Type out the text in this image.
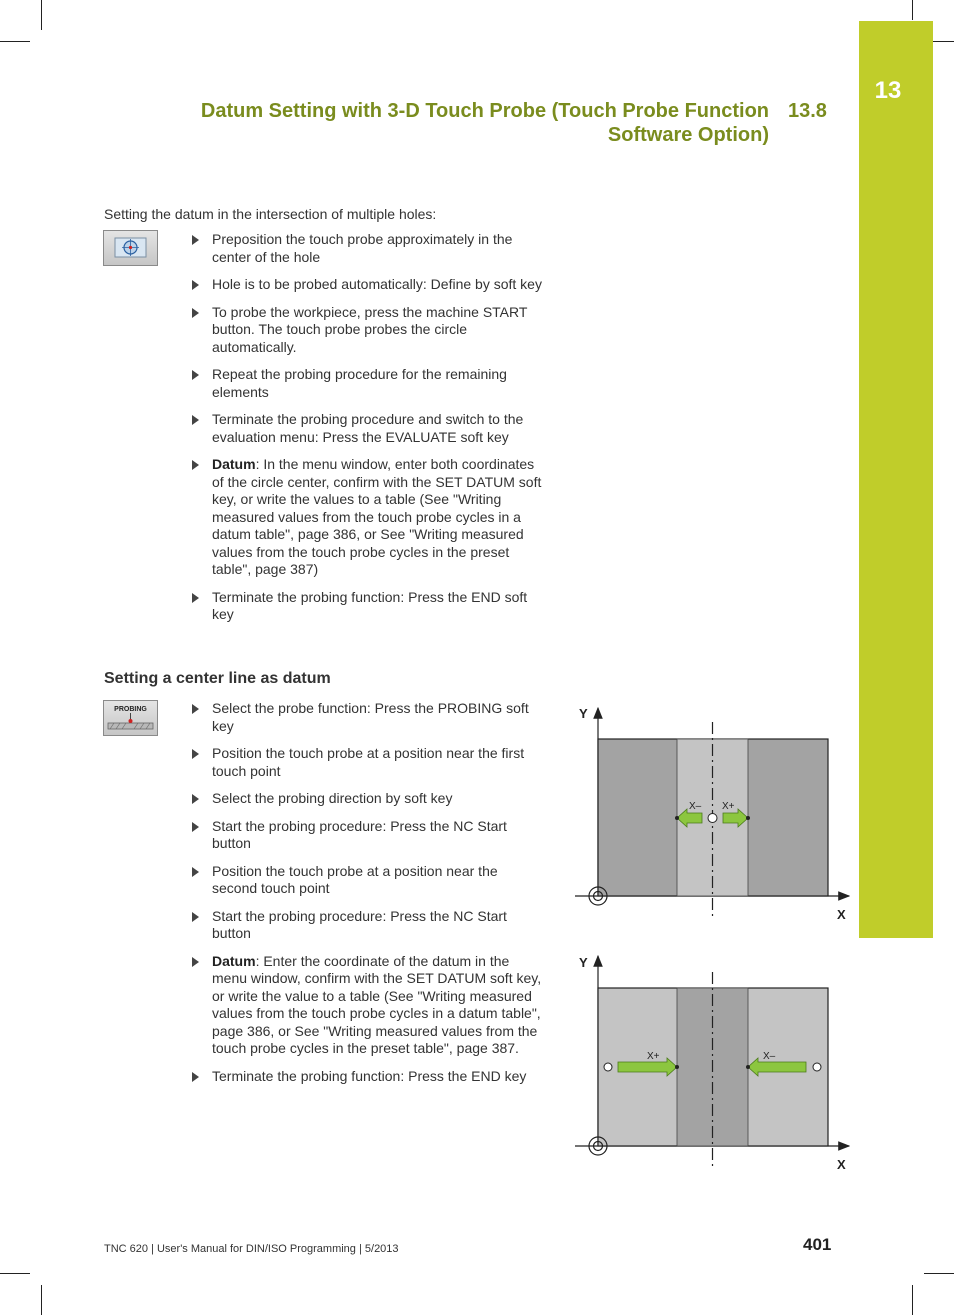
13
Datum Setting with 3-D Touch Probe (Touch Probe Function
Software Option)
13.8
Setting the datum in the intersection of multiple holes:
Preposition the touch probe approximately in the center of the hole
Hole is to be probed automatically: Define by soft key
To probe the workpiece, press the machine START button. The touch probe probes the circle automatically.
Repeat the probing procedure for the remaining elements
Terminate the probing procedure and switch to the evaluation menu: Press the EVALUATE soft key
Datum: In the menu window, enter both coordinates of the circle center, confirm with the SET DATUM soft key, or write the values to a table (See "Writing measured values from the touch probe cycles in a datum table", page 386, or See "Writing measured values from the touch probe cycles in the preset table", page 387)
Terminate the probing function: Press the END soft key
Setting a center line as datum
PROBING	Select the probe function: Press the PROBING soft key
Position the touch probe at a position near the first touch point
Select the probing direction by soft key
Start the probing procedure: Press the NC Start button
Position the touch probe at a position near the second touch point
Start the probing procedure: Press the NC Start button
Datum: Enter the coordinate of the datum in the menu window, confirm with the SET DATUM soft key, or write the value to a table (See "Writing measured values from the touch probe cycles in a datum table", page 386, or See "Writing measured values from the touch probe cycles in the preset table", page 387.
Terminate the probing function: Press the END key
Y
X
X– X+
Y
X
X+	X–
TNC 620 | User's Manual for DIN/ISO Programming | 5/2013	401
